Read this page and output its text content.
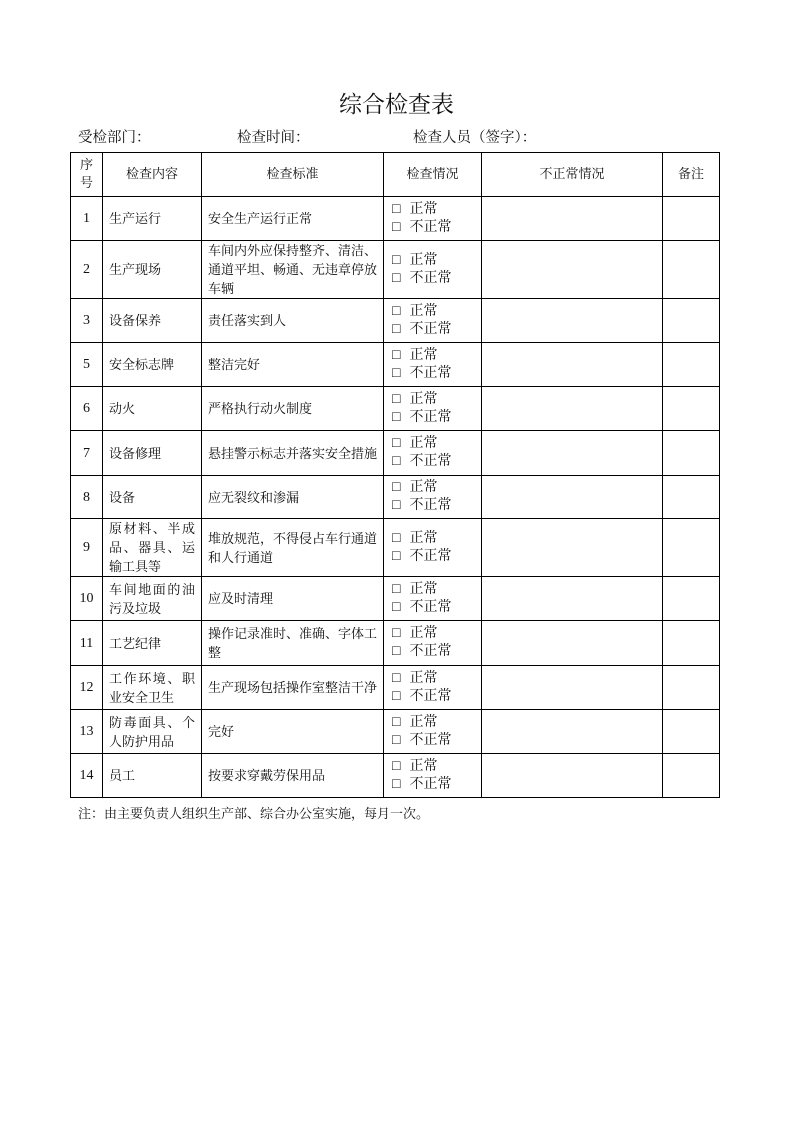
综合检查表
受检部门：	检查时间：	检查人员（签字）：
序号	检查内容	检查标准	检查情况	不正常情况	备注
1	生产运行	安全生产运行正常	□ 正常
□ 不正常		

2	生产现场	车间内外应保持整齐、清洁、通道平坦、畅通、无违章停放车辆	□ 正常
□ 不正常		

3	设备保养	责任落实到人	□ 正常
□ 不正常		

5	安全标志牌	整洁完好	□ 正常
□ 不正常		

6	动火	严格执行动火制度	□ 正常
□ 不正常		

7	设备修理	悬挂警示标志并落实安全措施	□ 正常
□ 不正常		

8	设备	应无裂纹和渗漏	□ 正常
□ 不正常		

9	原材料、半成品、器具、运输工具等	堆放规范，不得侵占车行通道和人行通道	□ 正常
□ 不正常		

10	车间地面的油污及垃圾	应及时清理	□ 正常
□ 不正常		

11	工艺纪律	操作记录准时、准确、字体工整	□ 正常
□ 不正常		

12	工作环境、职业安全卫生	生产现场包括操作室整洁干净	□ 正常
□ 不正常		

13	防毒面具、个人防护用品	完好	□ 正常
□ 不正常		

14	员工	按要求穿戴劳保用品	□ 正常
□ 不正常		

注：由主要负责人组织生产部、综合办公室实施，每月一次。
